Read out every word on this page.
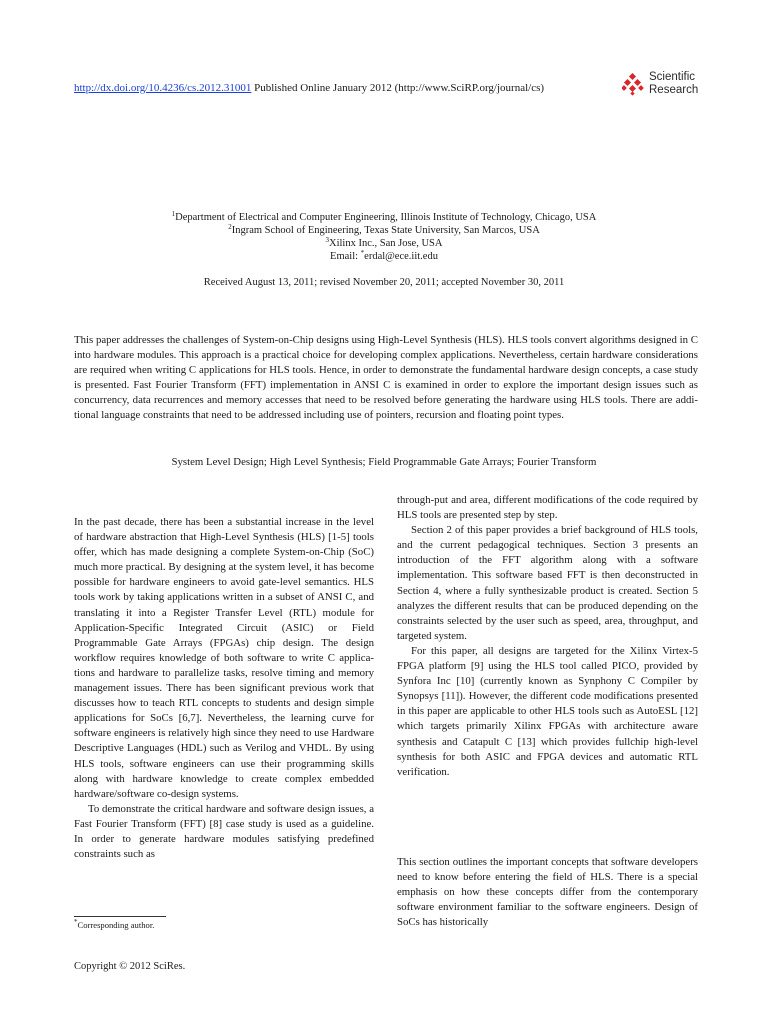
http://dx.doi.org/10.4236/cs.2012.31001 Published Online January 2012 (http://www.SciRP.org/journal/cs)
Scientific
Research
$^1$Department of Electrical and Computer Engineering, Illinois Institute of Technology, Chicago, USA
$^2$Ingram School of Engineering, Texas State University, San Marcos, USA
$^3$Xilinx Inc., San Jose, USA
Email: *erdal@ece.iit.edu
Received August 13, 2011; revised November 20, 2011; accepted November 30, 2011
This paper addresses the challenges of System-on-Chip designs using High-Level Synthesis (HLS). HLS tools convert algorithms designed in C into hardware modules. This approach is a practical choice for developing complex applications. Nevertheless, certain hardware considerations are required when writing C applications for HLS tools. Hence, in order to demonstrate the fundamental hardware design concepts, a case study is presented. Fast Fourier Transform (FFT) implementation in ANSI C is examined in order to explore the important design issues such as concurrency, data recurrences and memory accesses that need to be resolved before generating the hardware using HLS tools. There are additional language constraints that need to be addressed including use of pointers, recursion and floating point types.
System Level Design; High Level Synthesis; Field Programmable Gate Arrays; Fourier Transform

In the past decade, there has been a substantial increase in the level of hardware abstraction that High-Level Synthesis (HLS) [1-5] tools offer, which has made designing a complete System-on-Chip (SoC) much more practical. By designing at the system level, it has become possible for hardware engineers to avoid gate-level semantics. HLS tools work by taking applications written in a subset of ANSI C, and translating it into a Register Transfer Level (RTL) module for Application-Specific Integrated Circuit (ASIC) or Field Programmable Gate Arrays (FPGAs) chip design. The design workflow requires knowledge of both software to write C applications and hardware to parallelize tasks, resolve timing and memory management issues. There has been significant previous work that discusses how to teach RTL concepts to students and design simple applications for SoCs [6,7]. Nevertheless, the learning curve for software engineers is relatively high since they need to use Hardware Descriptive Languages (HDL) such as Verilog and VHDL. By using HLS tools, software engineers can use their programming skills along with hardware knowledge to create complex embedded hardware/software co-design systems.

To demonstrate the critical hardware and software design issues, a Fast Fourier Transform (FFT) [8] case study is used as a guideline. In order to generate hardware modules satisfying predefined constraints such as

through-put and area, different modifications of the code required by HLS tools are presented step by step.

Section 2 of this paper provides a brief background of HLS tools, and the current pedagogical techniques. Section 3 presents an introduction of the FFT algorithm along with a software implementation. This software based FFT is then deconstructed in Section 4, where a fully synthesizable product is created. Section 5 analyzes the different results that can be produced depending on the constraints selected by the user such as speed, area, throughput, and targeted system.

For this paper, all designs are targeted for the Xilinx Virtex-5 FPGA platform [9] using the HLS tool called PICO, provided by Synfora Inc [10] (currently known as Synphony C Compiler by Synopsys [11]). However, the different code modifications presented in this paper are applicable to other HLS tools such as AutoESL [12] which targets primarily Xilinx FPGAs with architecture aware synthesis and Catapult C [13] which provides fullchip high-level synthesis for both ASIC and FPGA devices and automatic RTL verification.

This section outlines the important concepts that software developers need to know before entering the field of HLS. There is a special emphasis on how these concepts differ from the contemporary software environment familiar to the software engineers. Design of SoCs has historically

*Corresponding author.
Copyright © 2012 SciRes.
